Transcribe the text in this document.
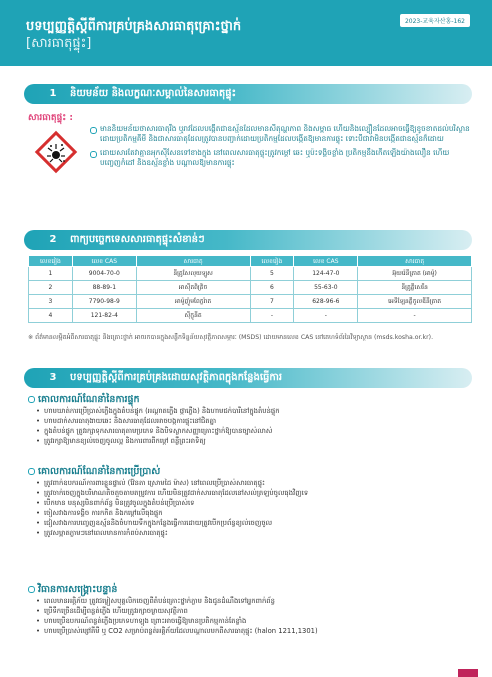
2023-교육자산홍-162
បទប្បញ្ញត្តិស្ដីពីការគ្រប់គ្រងសារធាតុគ្រោះថ្នាក់
[សារធាតុផ្ទុះ]
1	និយមន័យ និងលក្ខណៈសម្គាល់នៃសារធាតុផ្ទុះ
សារធាតុផ្ទុះ :
មាននិយមន័យថាសារធាតុរឹង ឬរាវដែលបង្កើតជាឧស្ម័នដែលមានសីតុណ្ហភាព និងសម្ពាធ ហើយនិងល្បឿនដែលអាចធ្វើឱ្យខូចខាតដល់បរិស្ថានដោយប្រតិកម្មគីមី និងជាសារធាតុដែលត្រូវបានបញ្ជាក់ដោយប្រតិកម្មដែលបង្កើតឱ្យមានការផ្ទុះ ទោះបីជាវាមិនបង្កើតជាឧស្ម័នក៏ដោយ
ដោយសារតែវាគ្មានអុកស៊ីសែនទៅខាងក្នុង នៅពេលសារធាតុផ្ទុះត្រូវកម្ដៅ ឆេះ ឬប៉ះទង្គិចខ្លាំង ប្រតិកម្មនឹងកើតឡើងយ៉ាងលឿន ហើយបញ្ចេញកំដៅ និងឧស្ម័នខ្លាំង បណ្ដាលឱ្យមានការផ្ទុះ
2	ពាក្យបច្ចេកទេសសារធាតុផ្ទុះសំខាន់ៗ
លេខរៀង	លេខ CAS	សារធាតុ	លេខរៀង	លេខ CAS	សារធាតុ
1	9004-70-0	នីត្រូសែលុយឡូស	5	124-47-0	អ៊ុយរ៉េនីត្រាត (អាម៉ូ)
2	88-89-1	អាស៊ីតពិគ្រិច	6	55-63-0	នីត្រូគ្លីសេរីន
3	7790-98-9	អាម៉ូញ៉ូមពែក្លរ៉ាត	7	628-96-6	អេទីឡែនគ្លីកូលឌីនីត្រាត
4	121-82-4	ស៊ីក្លូនីត	-	-	-
※ ព័ត៌មានលម្អិតអំពីសារធាតុផ្ទុះ និងគ្រោះថ្នាក់ អាចរកបានក្នុងសន្លឹកទិន្នន័យសុវត្ថិភាពសម្ភារៈ (MSDS) ដោយមានលេខ CAS នៅគេហទំព័រនៃវិទ្យាស្ថាន (msds.kosha.or.kr).
3	បទប្បញ្ញត្តិស្ដីពីការគ្រប់គ្រងដោយសុវត្ថិភាពក្នុងកន្លែងធ្វើការ
គោលការណ៍ណែនាំនៃការផ្ទុក
• ហាមឃាត់ការប្រើប្រាស់ភ្លើងក្នុងតំបន់ផ្ទុក (អណ្ដាតភ្លើង ផ្កាភ្លើង) និងហាមជក់បារីនៅក្នុងតំបន់ផ្ទុក
• ហាមដាក់សារធាតុងាយឆេះ និងសារធាតុដែលអាចបង្កការផ្ទុះនៅជិតគ្នា
• ក្នុងតំបន់ផ្ទុក ត្រូវរក្សាទុកសារធាតុតាមប្រភេទ និងបិទស្លាកសញ្ញាគ្រោះថ្នាក់ឱ្យបានច្បាស់លាស់
• ត្រូវរក្សាឱ្យមានខ្យល់ចេញចូលល្អ និងការពារពីកម្ដៅ ពន្លឺព្រះអាទិត្យ
គោលការណ៍ណែនាំនៃការប្រើប្រាស់
• ត្រូវពាក់ឧបករណ៍ការពារខ្លួនផ្ទាល់ (វ៉ែនតា ស្រោមដៃ ម៉ាស) នៅពេលប្រើប្រាស់សារធាតុផ្ទុះ
• ត្រូវចាក់ចេញក្នុងបរិមាណតិចតួចតាមតម្រូវការ ហើយមិនត្រូវដាក់សារធាតុដែលនៅសល់ត្រឡប់ចូលធុងវិញទេ
• បើកមាន មនុស្សមិនពាក់ព័ន្ធ មិនត្រូវចូលក្នុងតំបន់ប្រើប្រាស់ទេ
• ចៀសវាងការទង្គិច ការកកិត និងកម្ដៅលើធុងផ្ទុក
• ជៀសវាងការបញ្ចេញឧស្ម័ននិងចំហាយទឹកក្នុងកន្លែងធ្វើការដោយត្រូវបើកប្រព័ន្ធខ្យល់ចេញចូល
• ត្រូវសម្អាតភ្លាមៗនៅពេលមានការកំពប់សារធាតុផ្ទុះ
វិធានការសង្គ្រោះបន្ទាន់
• ពេលមានអគ្គិភ័យ ត្រូវជម្លៀសបុគ្គលិកចេញពីតំបន់គ្រោះថ្នាក់ភ្លាម និងជូនដំណឹងទៅអ្នកពាក់ព័ន្ធ
• ប្រើទឹកច្រើនដើម្បីពន្លត់ភ្លើង ហើយត្រូវរក្សាចម្ងាយសុវត្ថិភាព
• ហាមប្រើឧបករណ៍ពន្លត់ភ្លើងប្រភេទហាឡុង ព្រោះអាចធ្វើឱ្យមានប្រតិកម្មកាន់តែខ្លាំង
• ហាមប្រើប្រាស់ម្សៅគីមី ឬ CO2 សម្រាប់ពន្លត់អគ្គិភ័យដែលបណ្ដាលមកពីសារធាតុផ្ទុះ (halon 1211,1301)
